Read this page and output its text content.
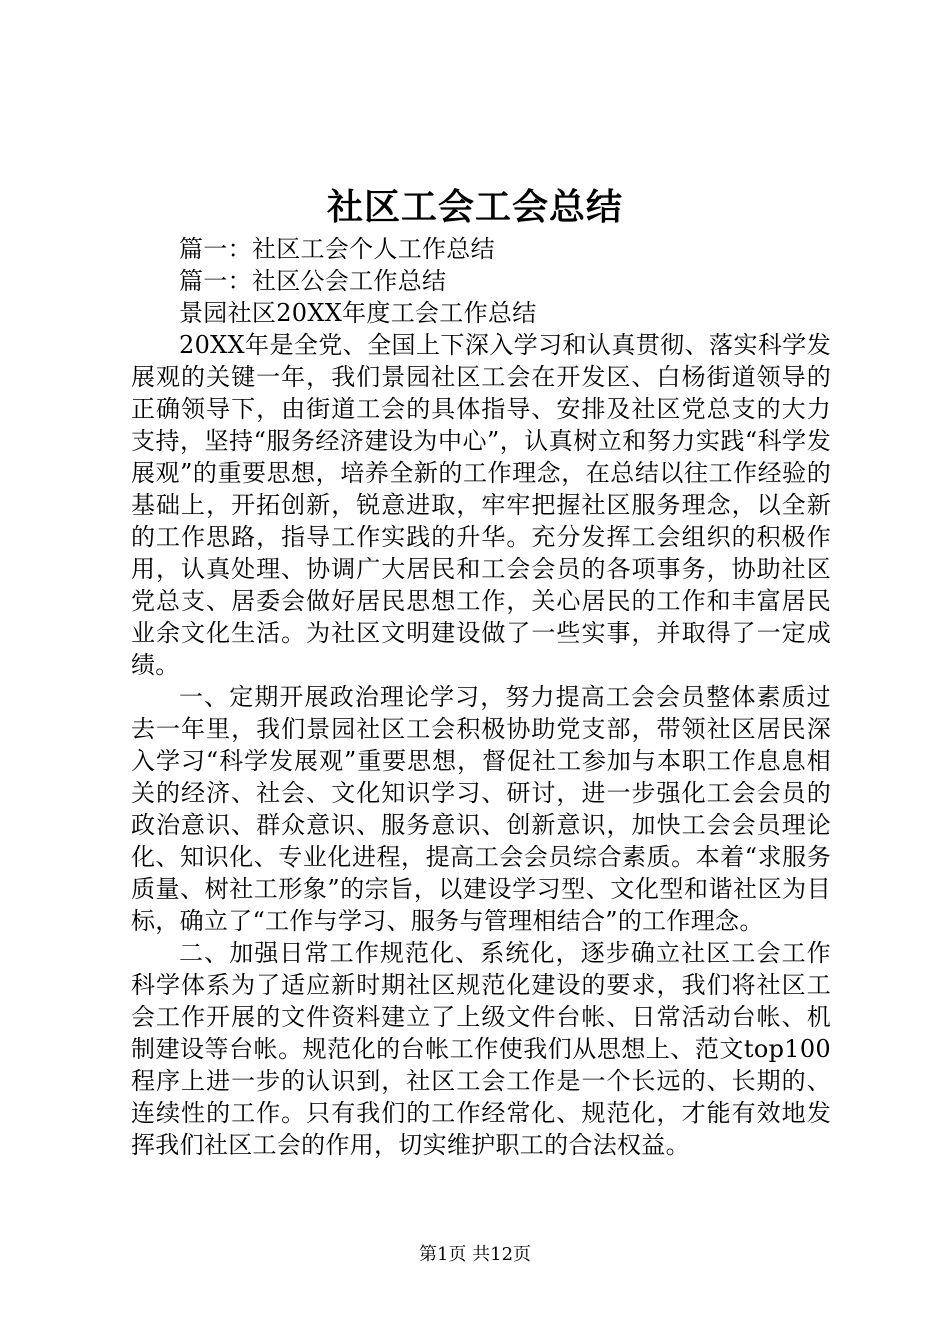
社区工会工会总结

篇一：社区工会个人工作总结

篇一：社区公会工作总结

景园社区20XX年度工会工作总结

20XX年是全党、全国上下深入学习和认真贯彻、落实科学发展观的关键一年，我们景园社区工会在开发区、白杨街道领导的正确领导下，由街道工会的具体指导、安排及社区党总支的大力支持，坚持“服务经济建设为中心”，认真树立和努力实践“科学发展观”的重要思想，培养全新的工作理念，在总结以往工作经验的基础上，开拓创新，锐意进取，牢牢把握社区服务理念，以全新的工作思路，指导工作实践的升华。充分发挥工会组织的积极作用，认真处理、协调广大居民和工会会员的各项事务，协助社区党总支、居委会做好居民思想工作，关心居民的工作和丰富居民业余文化生活。为社区文明建设做了一些实事，并取得了一定成绩。

一、定期开展政治理论学习，努力提高工会会员整体素质过去一年里，我们景园社区工会积极协助党支部，带领社区居民深入学习“科学发展观”重要思想，督促社工参加与本职工作息息相关的经济、社会、文化知识学习、研讨，进一步强化工会会员的政治意识、群众意识、服务意识、创新意识，加快工会会员理论化、知识化、专业化进程，提高工会会员综合素质。本着“求服务质量、树社工形象”的宗旨，以建设学习型、文化型和谐社区为目标，确立了“工作与学习、服务与管理相结合”的工作理念。

二、加强日常工作规范化、系统化，逐步确立社区工会工作科学体系为了适应新时期社区规范化建设的要求，我们将社区工会工作开展的文件资料建立了上级文件台帐、日常活动台帐、机制建设等台帐。规范化的台帐工作使我们从思想上、范文top100程序上进一步的认识到，社区工会工作是一个长远的、长期的、连续性的工作。只有我们的工作经常化、规范化，才能有效地发挥我们社区工会的作用，切实维护职工的合法权益。

第1页 共12页
